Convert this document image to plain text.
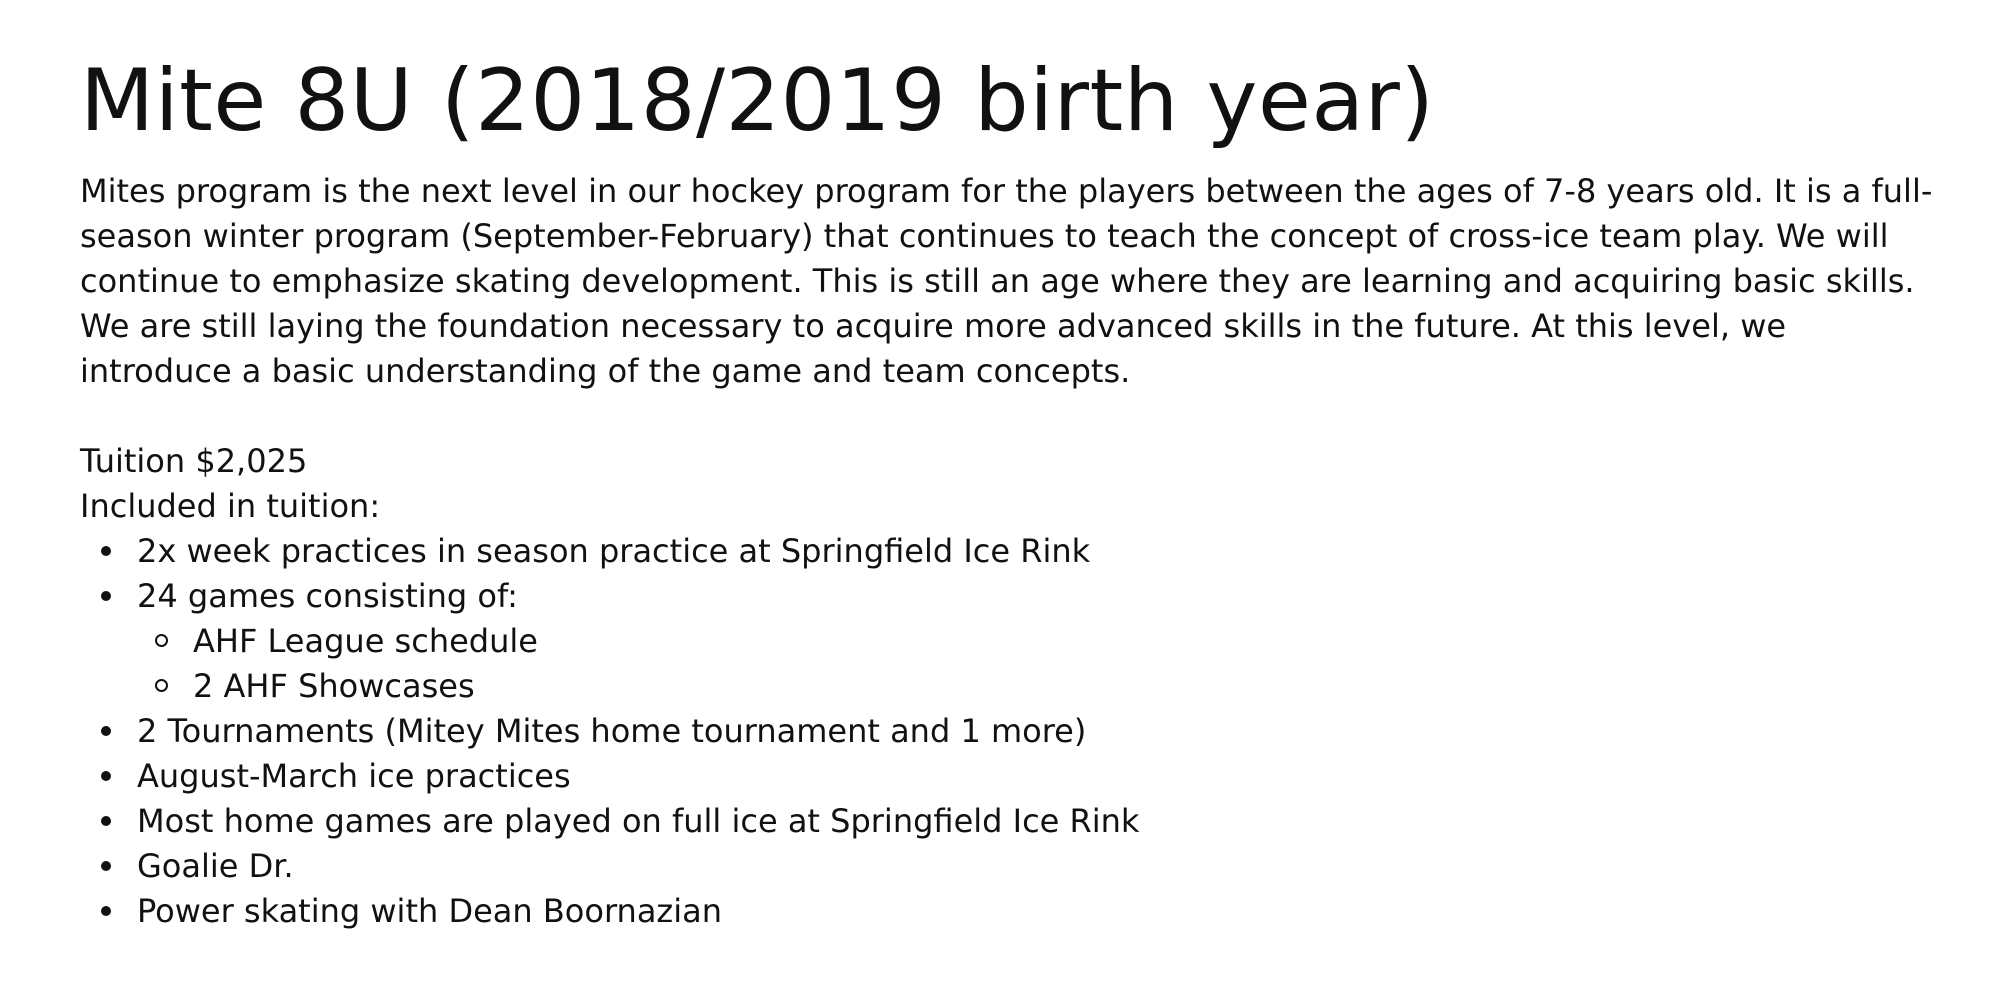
Mite 8U (2018/2019 birth year)

Mites program is the next level in our hockey program for the players between the ages of 7-8 years old. It is a full-season winter program (September-February) that continues to teach the concept of cross-ice team play. We will continue to emphasize skating development. This is still an age where they are learning and acquiring basic skills. We are still laying the foundation necessary to acquire more advanced skills in the future. At this level, we introduce a basic understanding of the game and team concepts.

Tuition $2,025

Included in tuition:

2x week practices in season practice at Springfield Ice Rink
24 games consisting of:
AHF League schedule
2 AHF Showcases
2 Tournaments (Mitey Mites home tournament and 1 more)
August-March ice practices
Most home games are played on full ice at Springfield Ice Rink
Goalie Dr.
Power skating with Dean Boornazian
